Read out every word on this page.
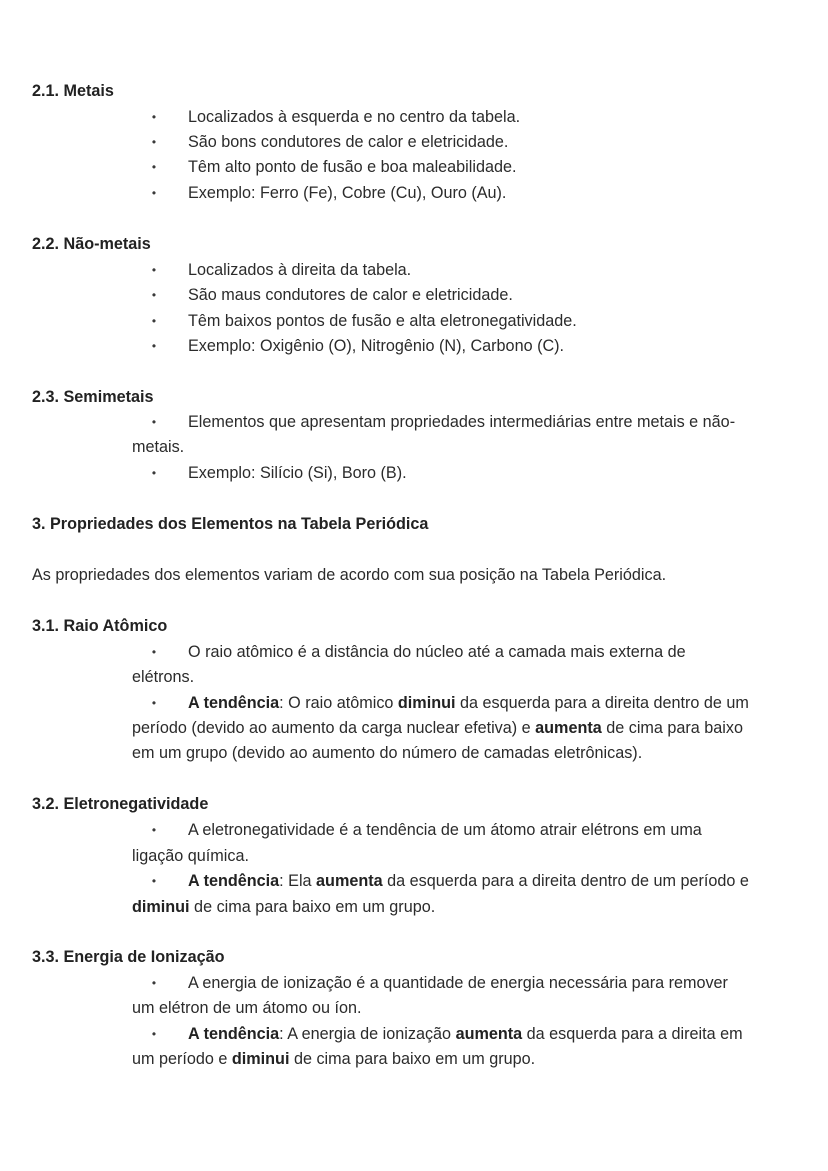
2.1. Metais
• Localizados à esquerda e no centro da tabela.
• São bons condutores de calor e eletricidade.
• Têm alto ponto de fusão e boa maleabilidade.
• Exemplo: Ferro (Fe), Cobre (Cu), Ouro (Au).
2.2. Não-metais
• Localizados à direita da tabela.
• São maus condutores de calor e eletricidade.
• Têm baixos pontos de fusão e alta eletronegatividade.
• Exemplo: Oxigênio (O), Nitrogênio (N), Carbono (C).
2.3. Semimetais
• Elementos que apresentam propriedades intermediárias entre metais e não-
metais.
• Exemplo: Silício (Si), Boro (B).
3. Propriedades dos Elementos na Tabela Periódica
As propriedades dos elementos variam de acordo com sua posição na Tabela Periódica.
3.1. Raio Atômico
• O raio atômico é a distância do núcleo até a camada mais externa de
elétrons.
• A tendência: O raio atômico diminui da esquerda para a direita dentro de um
período (devido ao aumento da carga nuclear efetiva) e aumenta de cima para baixo
em um grupo (devido ao aumento do número de camadas eletrônicas).
3.2. Eletronegatividade
• A eletronegatividade é a tendência de um átomo atrair elétrons em uma
ligação química.
• A tendência: Ela aumenta da esquerda para a direita dentro de um período e
diminui de cima para baixo em um grupo.
3.3. Energia de Ionização
• A energia de ionização é a quantidade de energia necessária para remover
um elétron de um átomo ou íon.
• A tendência: A energia de ionização aumenta da esquerda para a direita em
um período e diminui de cima para baixo em um grupo.
